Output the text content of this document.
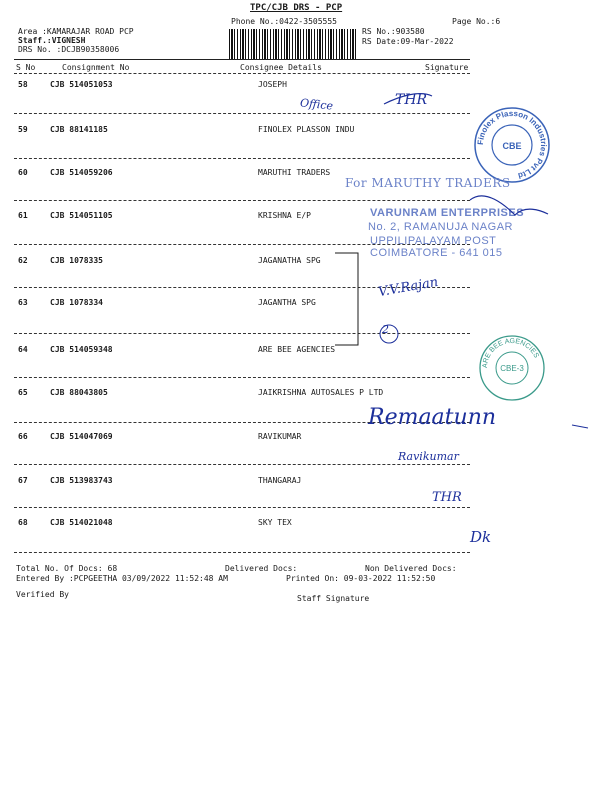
TPC/CJB DRS - PCP
Phone No.:0422-3505555	Page No.:6
Area :KAMARAJAR ROAD PCP
Staff.:VIGNESH
DRS No. :DCJB90358006
RS No.:903580
RS Date:09-Mar-2022
S No	Consignment No	Consignee Details	Signature
58	CJB 514051053	JOSEPH
59	CJB 88141185	FINOLEX PLASSON INDU
60	CJB 514059206	MARUTHI TRADERS
61	CJB 514051105	KRISHNA E/P
62	CJB 1078335	JAGANATHA SPG
63	CJB 1078334	JAGANTHA SPG
64	CJB 514059348	ARE BEE AGENCIES
65	CJB 88043805	JAIKRISHNA AUTOSALES P LTD
66	CJB 514047069	RAVIKUMAR
67	CJB 513983743	THANGARAJ
68	CJB 514021048	SKY TEX
Total No. Of Docs: 68	Delivered Docs:	Non Delivered Docs:
Entered By :PCPGEETHA 03/09/2022 11:52:48 AM	Printed On: 09-03-2022 11:52:50
Verified By	Staff Signature
Finolex Plasson Industries Pvt Ltd
CBE
ARE BEE AGENCIES
CBE-3
For MARUTHY TRADERS
VARUNRAM ENTERPRISES
No. 2, RAMANUJA NAGAR
UPPILIPALAYAM POST
COIMBATORE - 641 015
Office	THR
V.V.Rajan
2
Remaatunn
Ravikumar
THR
Dk
